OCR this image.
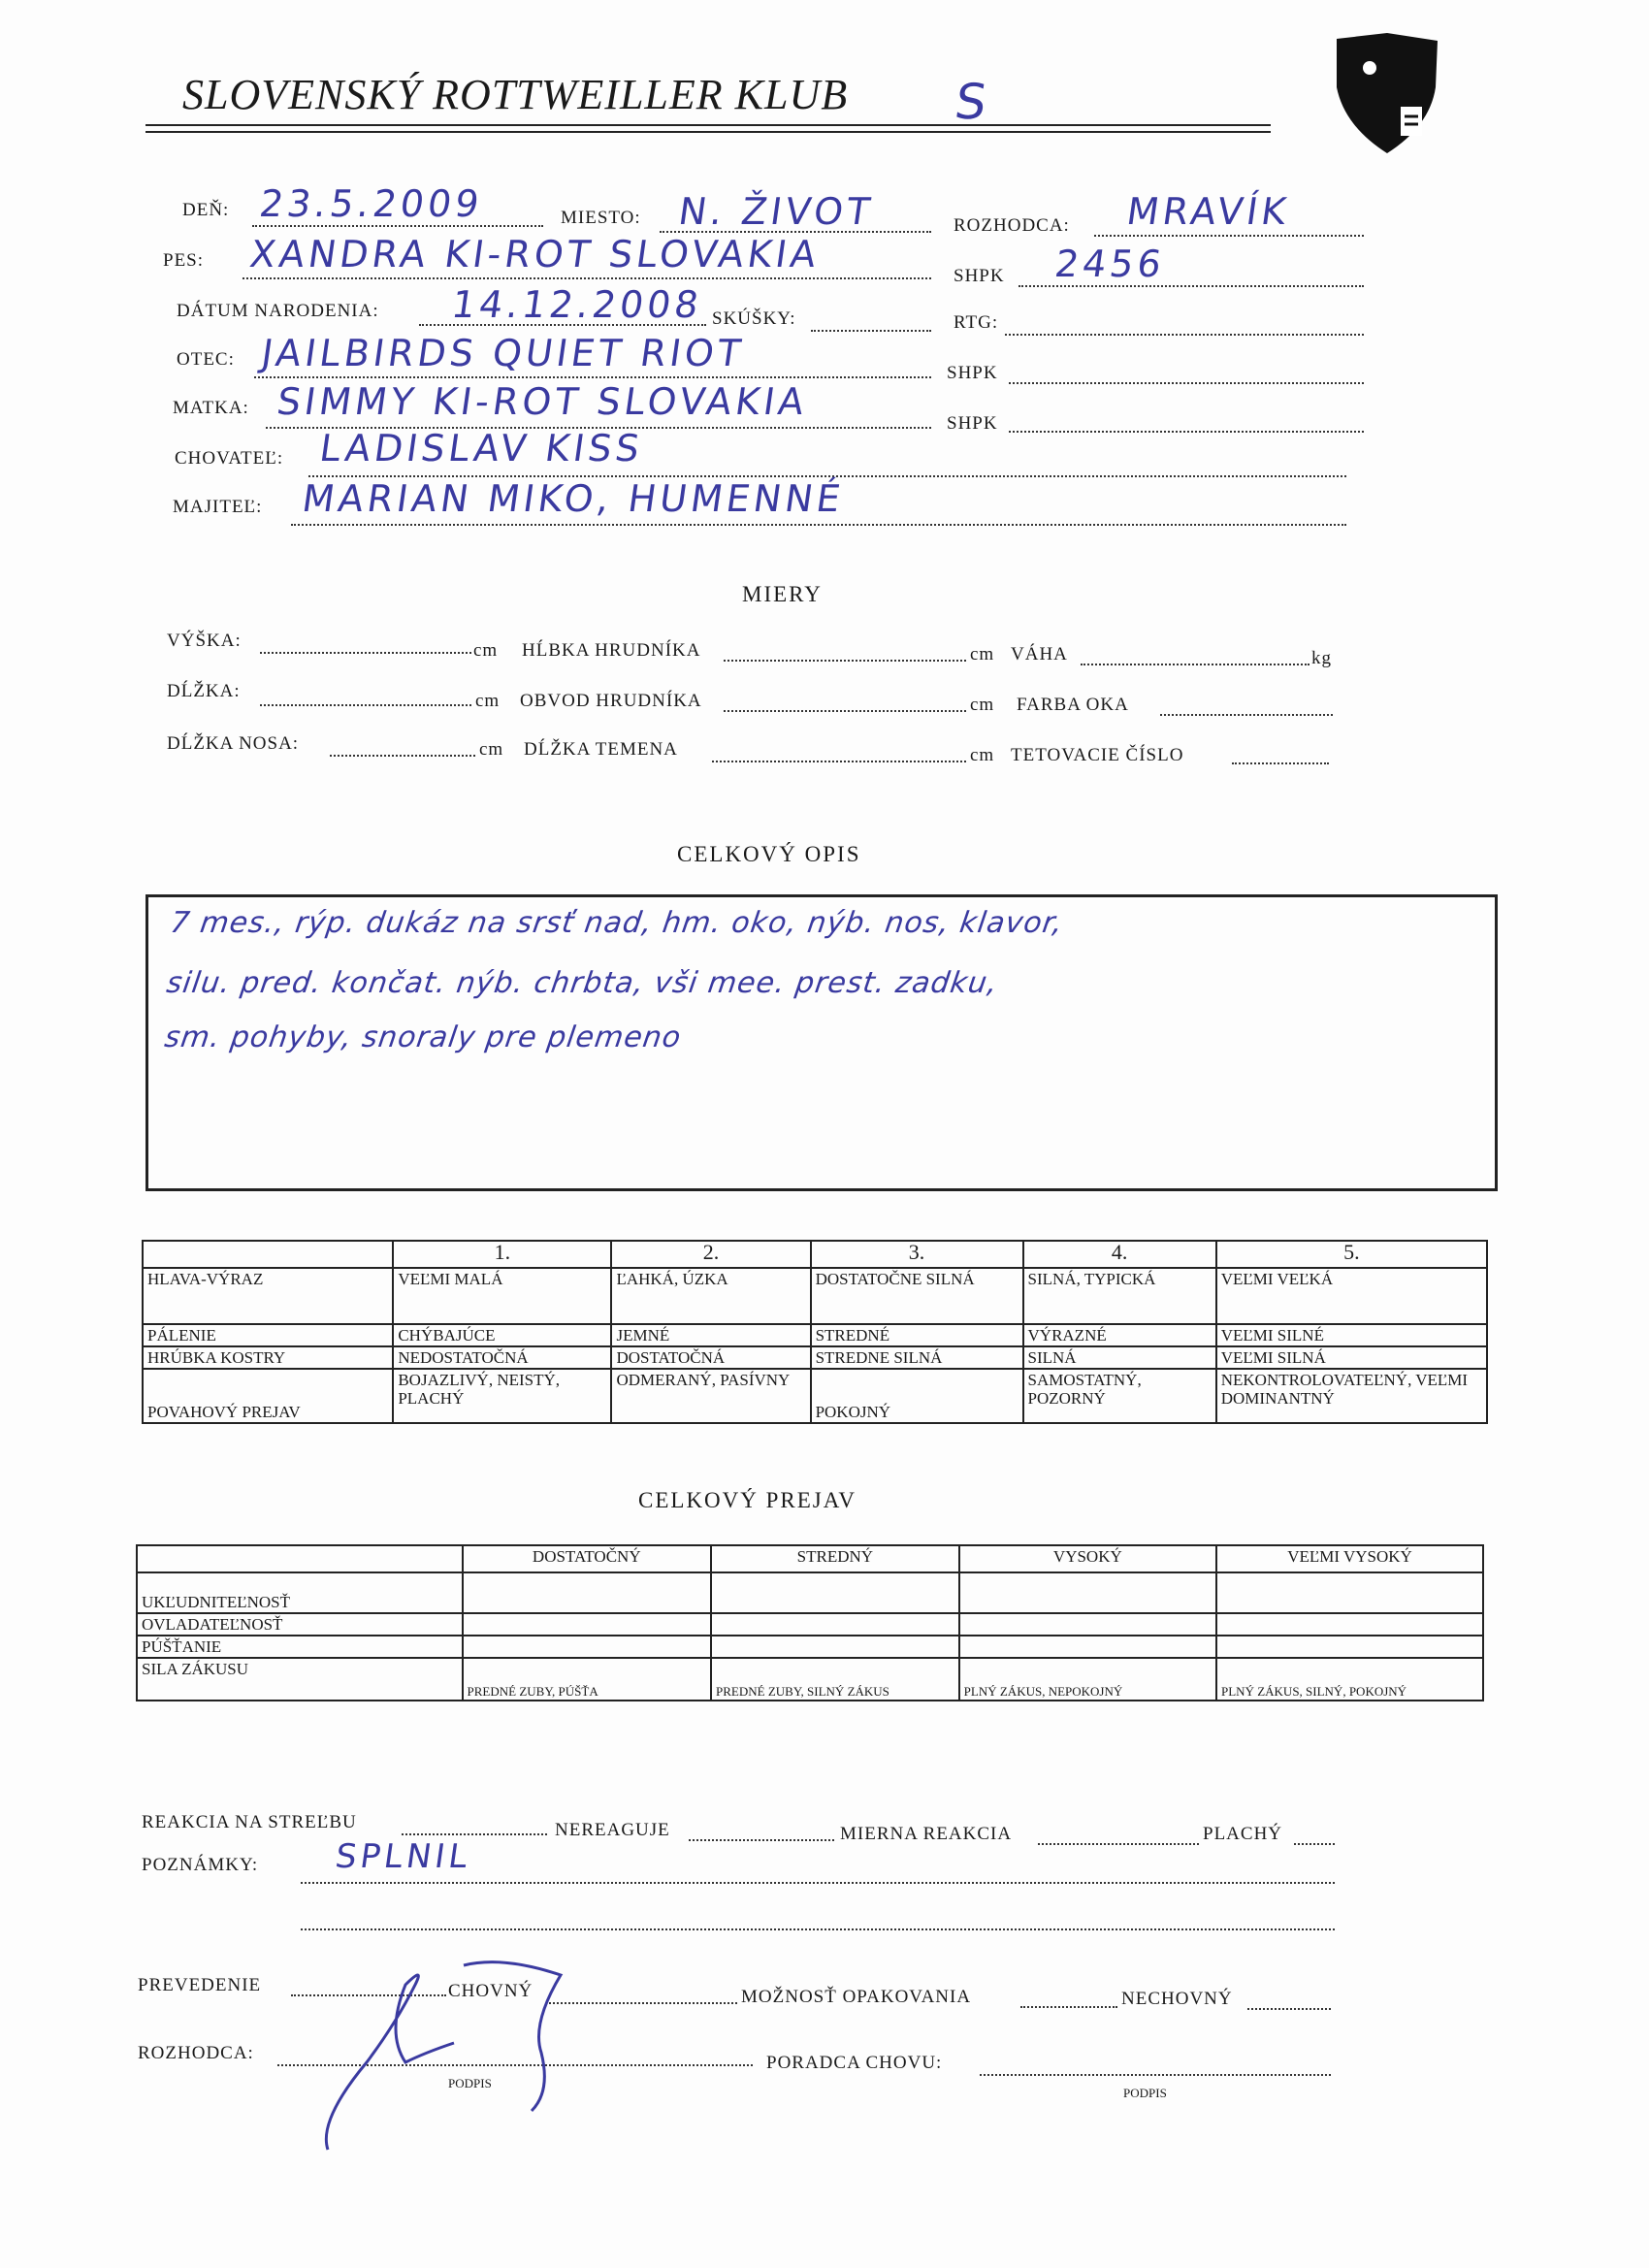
SLOVENSKÝ ROTTWEILLER KLUB S
DEŇ: 23.5.2009	MIESTO: N. ŽIVOT	ROZHODCA: MRAVÍK
PES: XANDRA KI-ROT SLOVAKIA
SHPK 2456
DÁTUM NARODENIA: 14.12.2008 SKÚŠKY:	RTG:
OTEC: JAILBIRDS QUIET RIOT	SHPK
MATKA: SIMMY KI-ROT SLOVAKIA
SHPK
CHOVATEĽ: LADISLAV KISS
MAJITEĽ: MARIAN MIKO, HUMENNÉ
MIERY
VÝŠKA:	cm HĹBKA HRUDNÍKA	cm VÁHA	kg
DĹŽKA:	cm OBVOD HRUDNÍKA	cm FARBA OKA
DĹŽKA NOSA:	cm DĹŽKA TEMENA	cm TETOVACIE ČÍSLO
CELKOVÝ OPIS
7 mes., rýp. dukáz na srsť nad, hm. oko, nýb. nos, klavor,
silu. pred. končat. nýb. chrbta, vši mee. prest. zadku,
sm. pohyby, snoraly pre plemeno
	1.	2.	3.	4.	5.
HLAVA-VÝRAZ	VEĽMI MALÁ	ĽAHKÁ, ÚZKA	DOSTATOČNE SILNÁ	SILNÁ, TYPICKÁ	VEĽMI VEĽKÁ
PÁLENIE	CHÝBAJÚCE	JEMNÉ	STREDNÉ	VÝRAZNÉ	VEĽMI SILNÉ
HRÚBKA KOSTRY	NEDOSTATOČNÁ	DOSTATOČNÁ	STREDNE SILNÁ	SILNÁ	VEĽMI SILNÁ
POVAHOVÝ PREJAV	BOJAZLIVÝ, NEISTÝ, PLACHÝ	ODMERANÝ, PASÍVNY	POKOJNÝ	SAMOSTATNÝ, POZORNÝ	NEKONTROLOVATEĽNÝ, VEĽMI DOMINANTNÝ
CELKOVÝ PREJAV
	DOSTATOČNÝ	STREDNÝ	VYSOKÝ	VEĽMI VYSOKÝ
UKĽUDNITEĽNOSŤ				
OVLADATEĽNOSŤ				
PÚŠŤANIE				
SILA ZÁKUSU	PREDNÉ ZUBY, PÚŠŤA	PREDNÉ ZUBY, SILNÝ ZÁKUS	PLNÝ ZÁKUS, NEPOKOJNÝ	PLNÝ ZÁKUS, SILNÝ, POKOJNÝ
REAKCIA NA STREĽBU	NEREAGUJE	MIERNA REAKCIA	PLACHÝ
POZNÁMKY: SPLNIL
PREVEDENIE	CHOVNÝ	MOŽNOSŤ OPAKOVANIA	NECHOVNÝ
ROZHODCA:
PODPIS
PORADCA CHOVU:
PODPIS
